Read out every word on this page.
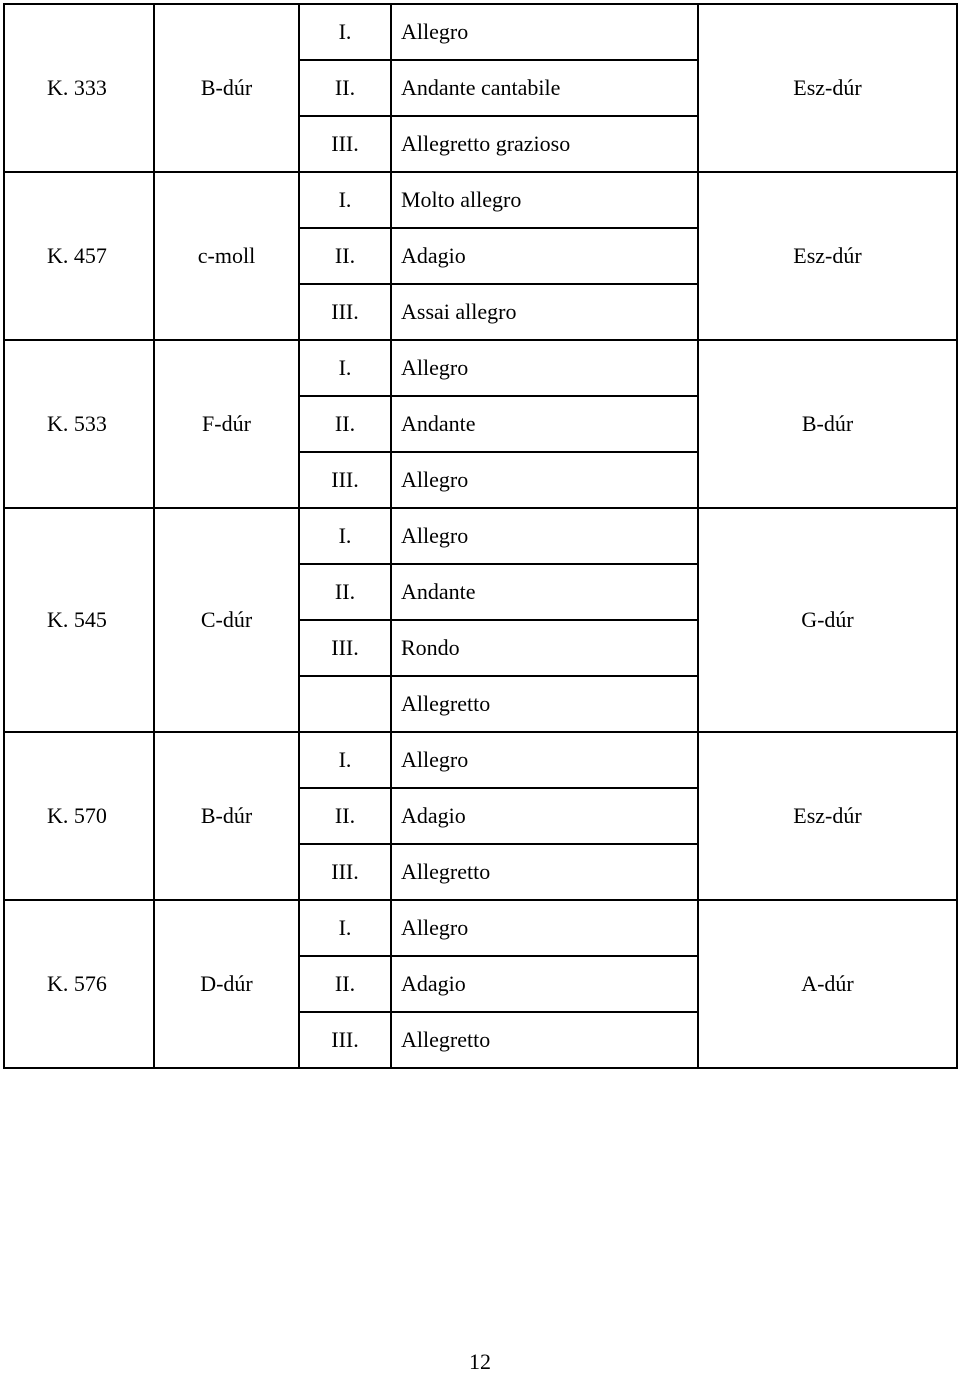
K. 333	B-dúr	I.	Allegro	Esz-dúr
		II.	Andante cantabile	
		III.	Allegretto grazioso	
K. 457	c-moll	I.	Molto allegro	Esz-dúr
		II.	Adagio	
		III.	Assai allegro	
K. 533	F-dúr	I.	Allegro	B-dúr
		II.	Andante	
		III.	Allegro	
K. 545	C-dúr	I.	Allegro	G-dúr
		II.	Andante	
		III.	Rondo	
			Allegretto	
K. 570	B-dúr	I.	Allegro	Esz-dúr
		II.	Adagio	
		III.	Allegretto	
K. 576	D-dúr	I.	Allegro	A-dúr
		II.	Adagio	
		III.	Allegretto	
12
